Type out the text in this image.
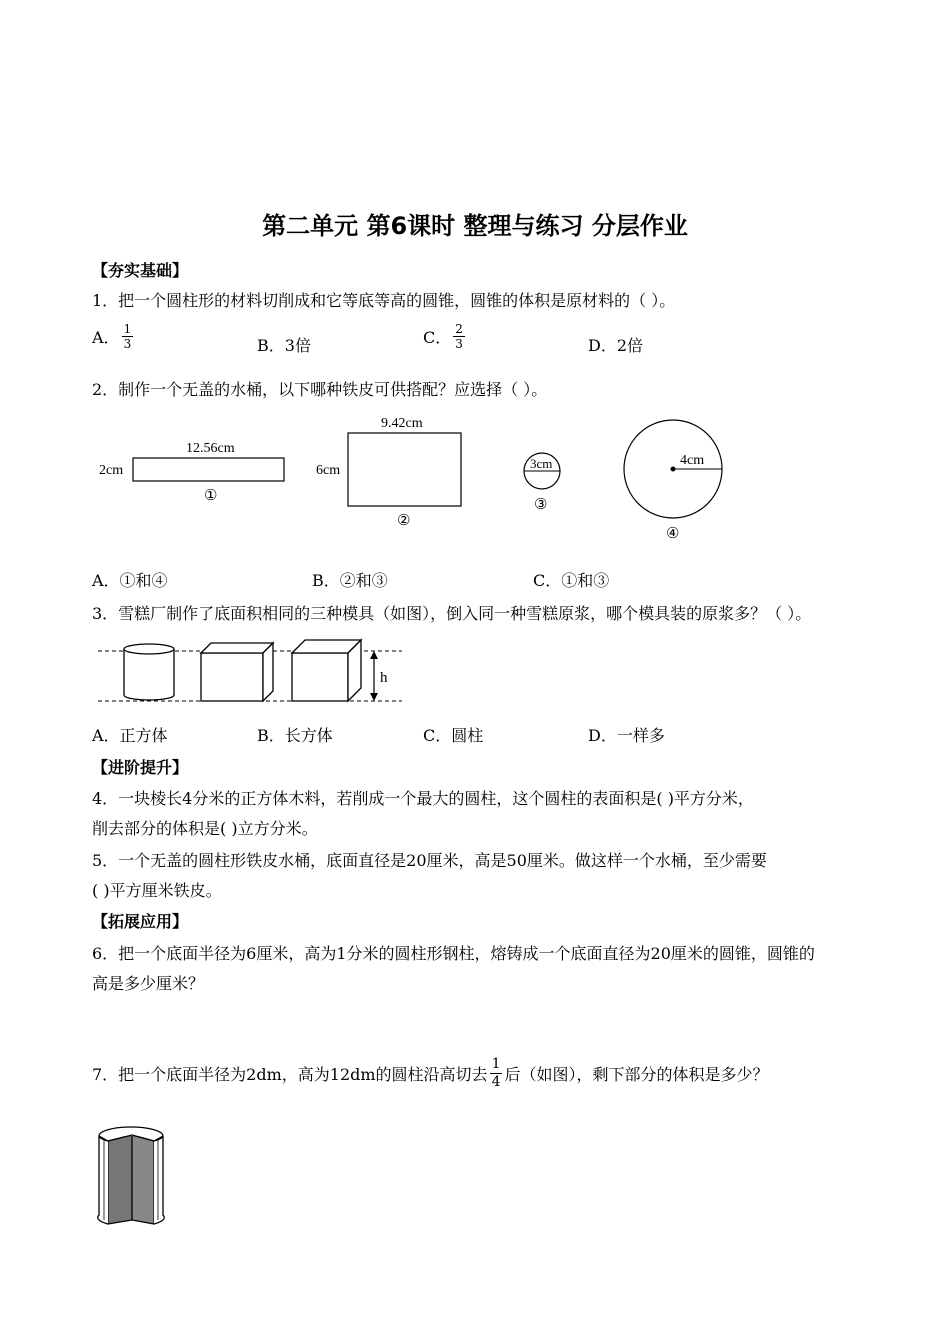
第二单元 第6课时 整理与练习 分层作业
【夯实基础】
1．把一个圆柱形的材料切削成和它等底等高的圆锥，圆锥的体积是原材料的（ ）。
A． $\frac{1}{3}$	B．3倍	C． $\frac{2}{3}$	D．2倍
2．制作一个无盖的水桶，以下哪种铁皮可供搭配？应选择（ ）。
12.56cm
2cm
①
9.42cm
6cm
②
3cm
③
4cm
④
A．①和④	B．②和③	C．①和③
3．雪糕厂制作了底面积相同的三种模具（如图），倒入同一种雪糕原浆，哪个模具装的原浆多？（ ）。
h
A．正方体	B．长方体	C．圆柱	D．一样多
【进阶提升】
4．一块棱长4分米的正方体木料，若削成一个最大的圆柱，这个圆柱的表面积是( )平方分米，
削去部分的体积是( )立方分米。
5．一个无盖的圆柱形铁皮水桶，底面直径是20厘米，高是50厘米。做这样一个水桶，至少需要
( )平方厘米铁皮。
【拓展应用】
6．把一个底面半径为6厘米，高为1分米的圆柱形钢柱，熔铸成一个底面直径为20厘米的圆锥，圆锥的
高是多少厘米？
7．把一个底面半径为2dm，高为12dm的圆柱沿高切去 $\frac{1}{4}$ 后（如图），剩下部分的体积是多少？
